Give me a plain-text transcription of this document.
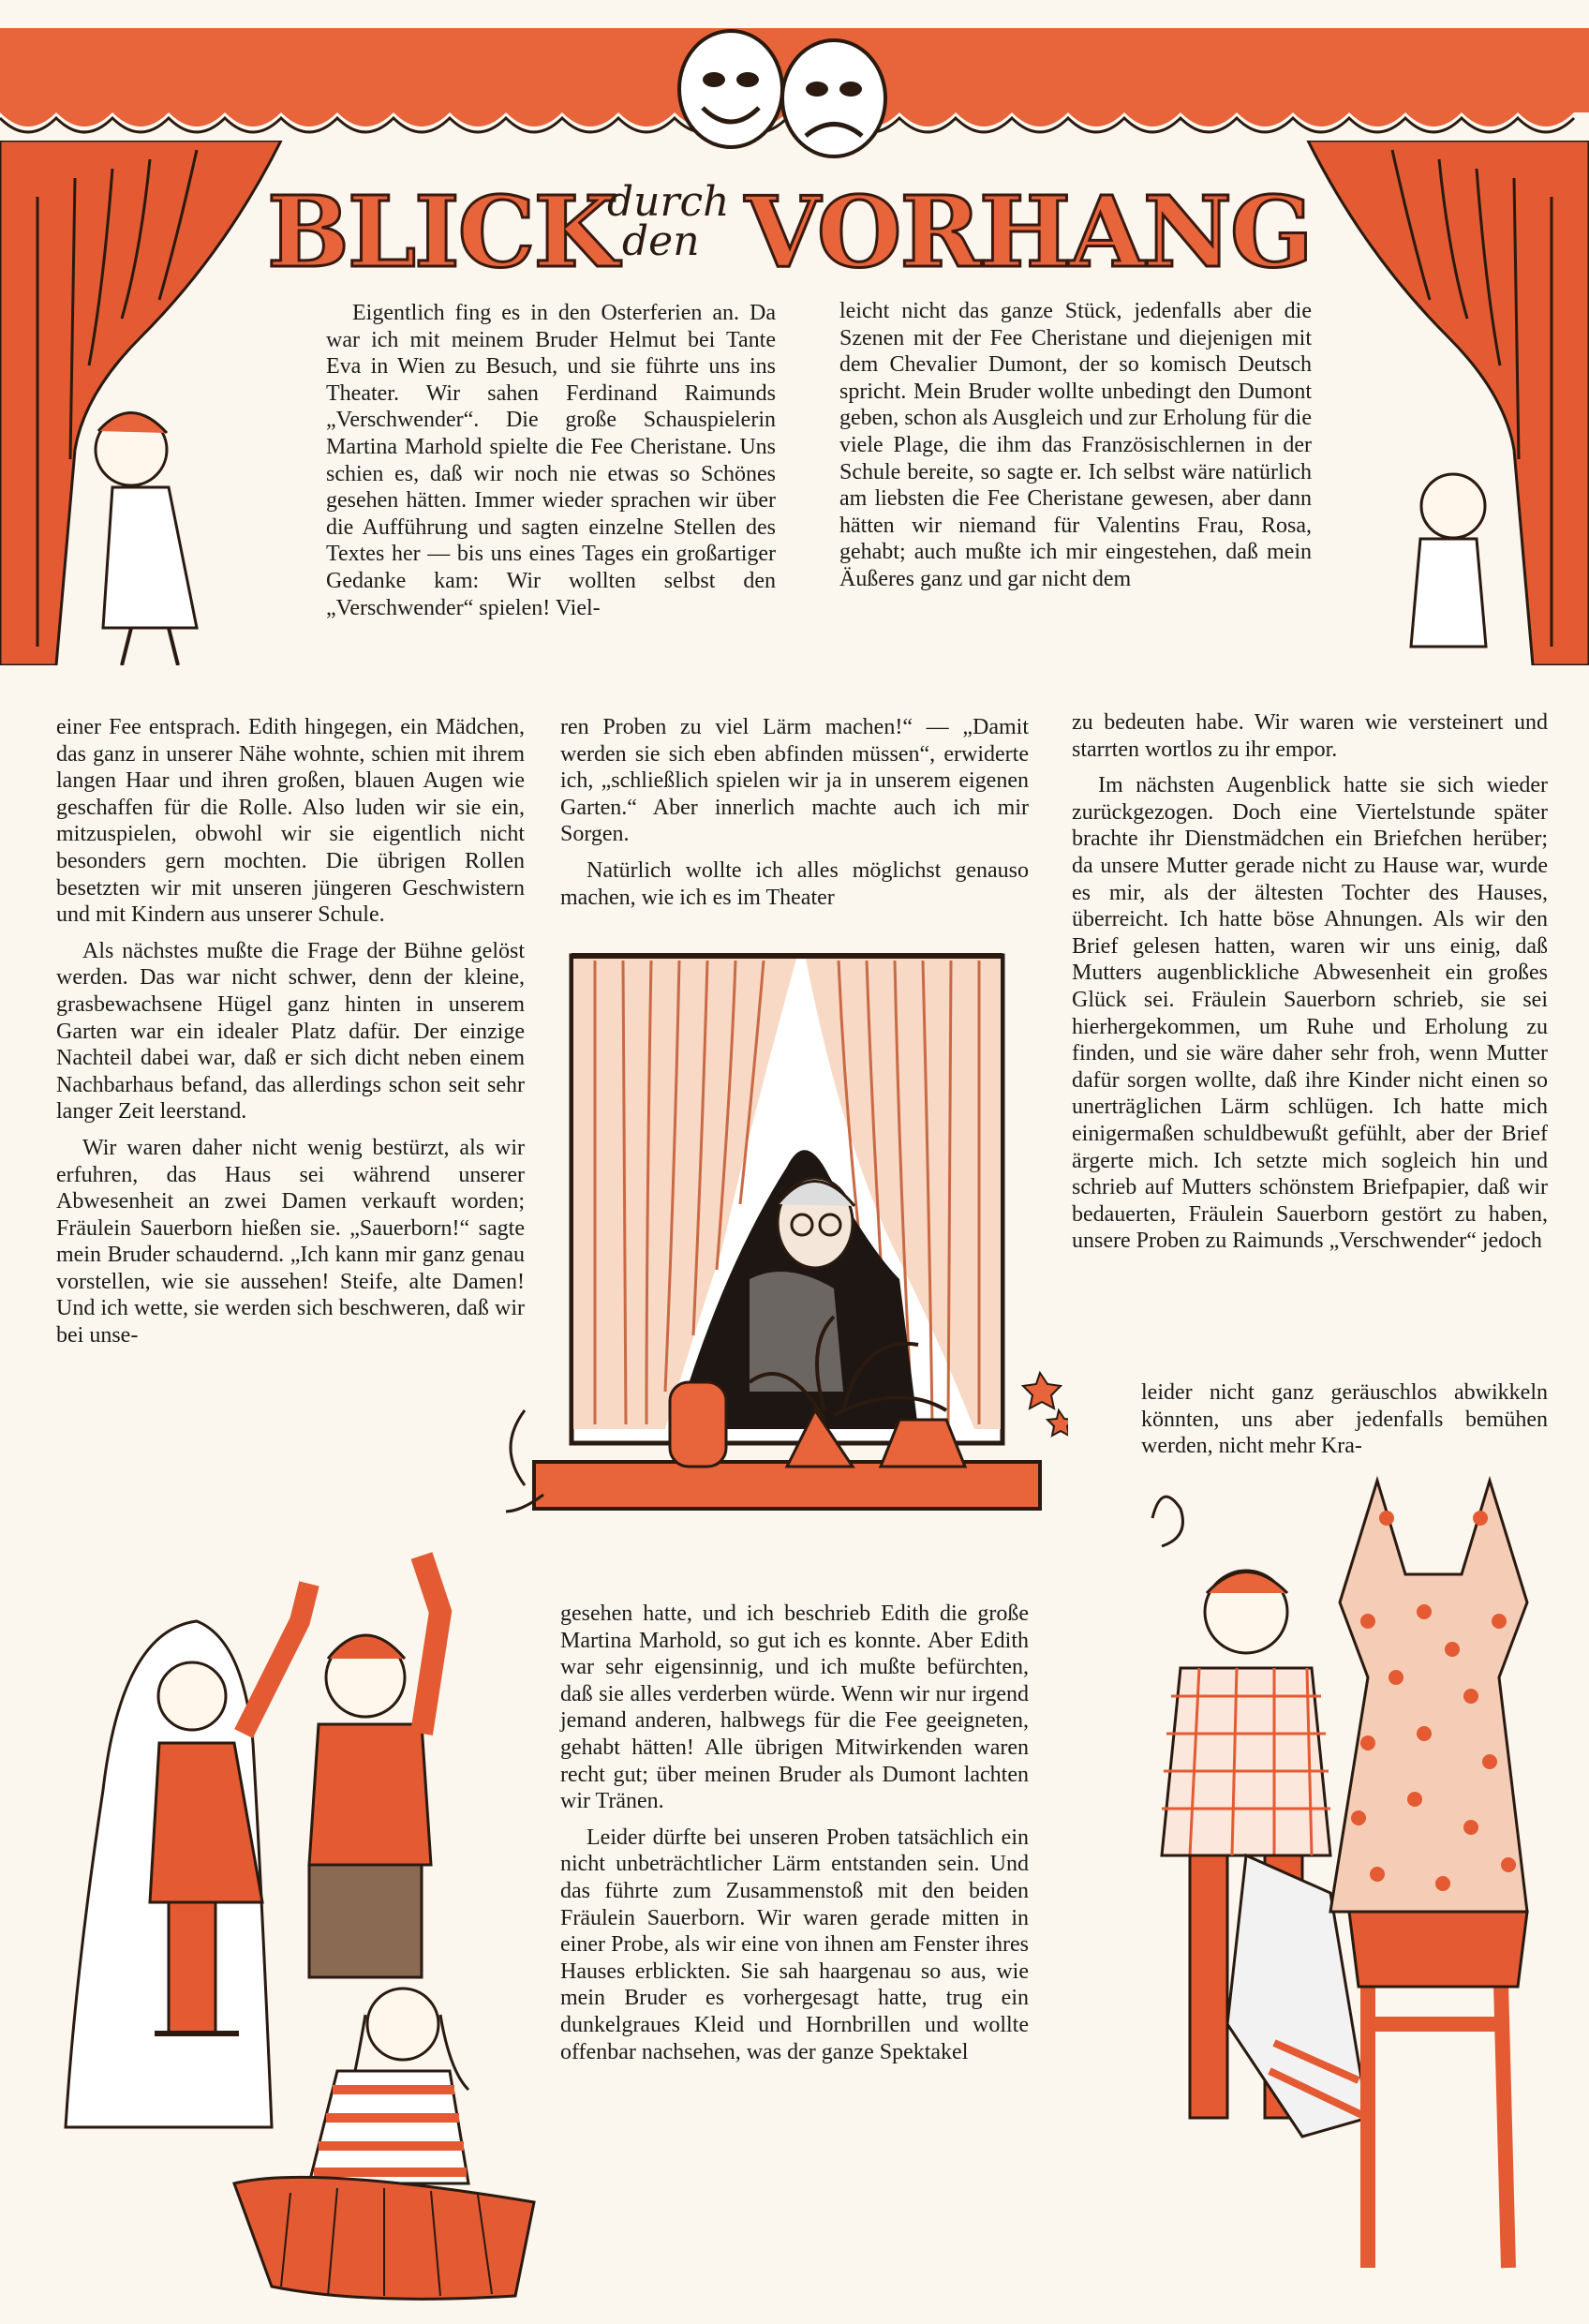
BLICK
durch
den VORHANG

Eigentlich fing es in den Osterferien an. Da war ich mit meinem Bruder Helmut bei Tante Eva in Wien zu Besuch, und sie führte uns ins Theater. Wir sahen Ferdinand Raimunds „Verschwender“. Die große Schauspielerin Martina Marhold spielte die Fee Cheristane. Uns schien es, daß wir noch nie etwas so Schönes gesehen hätten. Immer wieder sprachen wir über die Aufführung und sagten einzelne Stellen des Textes her — bis uns eines Tages ein großartiger Gedanke kam: Wir wollten selbst den „Verschwender“ spielen! Viel-

leicht nicht das ganze Stück, jedenfalls aber die Szenen mit der Fee Cheristane und diejenigen mit dem Chevalier Dumont, der so komisch Deutsch spricht. Mein Bruder wollte unbedingt den Dumont geben, schon als Ausgleich und zur Erholung für die viele Plage, die ihm das Französischlernen in der Schule bereite, so sagte er. Ich selbst wäre natürlich am liebsten die Fee Cheristane gewesen, aber dann hätten wir niemand für Valentins Frau, Rosa, gehabt; auch mußte ich mir eingestehen, daß mein Äußeres ganz und gar nicht dem

einer Fee entsprach. Edith hingegen, ein Mädchen, das ganz in unserer Nähe wohnte, schien mit ihrem langen Haar und ihren großen, blauen Augen wie geschaffen für die Rolle. Also luden wir sie ein, mitzuspielen, obwohl wir sie eigentlich nicht besonders gern mochten. Die übrigen Rollen besetzten wir mit unseren jüngeren Geschwistern und mit Kindern aus unserer Schule.

Als nächstes mußte die Frage der Bühne gelöst werden. Das war nicht schwer, denn der kleine, grasbewachsene Hügel ganz hinten in unserem Garten war ein idealer Platz dafür. Der einzige Nachteil dabei war, daß er sich dicht neben einem Nachbarhaus befand, das allerdings schon seit sehr langer Zeit leerstand.

Wir waren daher nicht wenig bestürzt, als wir erfuhren, das Haus sei während unserer Abwesenheit an zwei Damen verkauft worden; Fräulein Sauerborn hießen sie. „Sauerborn!“ sagte mein Bruder schaudernd. „Ich kann mir ganz genau vorstellen, wie sie aussehen! Steife, alte Damen! Und ich wette, sie werden sich beschweren, daß wir bei unse-

ren Proben zu viel Lärm machen!“ — „Damit werden sie sich eben abfinden müssen“, erwiderte ich, „schließlich spielen wir ja in unserem eigenen Garten.“ Aber innerlich machte auch ich mir Sorgen.

Natürlich wollte ich alles möglichst genauso machen, wie ich es im Theater

zu bedeuten habe. Wir waren wie versteinert und starrten wortlos zu ihr empor.

Im nächsten Augenblick hatte sie sich wieder zurückgezogen. Doch eine Viertelstunde später brachte ihr Dienstmädchen ein Briefchen herüber; da unsere Mutter gerade nicht zu Hause war, wurde es mir, als der ältesten Tochter des Hauses, überreicht. Ich hatte böse Ahnungen. Als wir den Brief gelesen hatten, waren wir uns einig, daß Mutters augenblickliche Abwesenheit ein großes Glück sei. Fräulein Sauerborn schrieb, sie sei hierhergekommen, um Ruhe und Erholung zu finden, und sie wäre daher sehr froh, wenn Mutter dafür sorgen wollte, daß ihre Kinder nicht einen so unerträglichen Lärm schlügen. Ich hatte mich einigermaßen schuldbewußt gefühlt, aber der Brief ärgerte mich. Ich setzte mich sogleich hin und schrieb auf Mutters schönstem Briefpapier, daß wir bedauerten, Fräulein Sauerborn gestört zu haben, unsere Proben zu Raimunds „Verschwender“ jedoch

leider nicht ganz geräuschlos abwikkeln könnten, uns aber jedenfalls bemühen werden, nicht mehr Kra-

gesehen hatte, und ich beschrieb Edith die große Martina Marhold, so gut ich es konnte. Aber Edith war sehr eigensinnig, und ich mußte befürchten, daß sie alles verderben würde. Wenn wir nur irgend jemand anderen, halbwegs für die Fee geeigneten, gehabt hätten! Alle übrigen Mitwirkenden waren recht gut; über meinen Bruder als Dumont lachten wir Tränen.

Leider dürfte bei unseren Proben tatsächlich ein nicht unbeträchtlicher Lärm entstanden sein. Und das führte zum Zusammenstoß mit den beiden Fräulein Sauerborn. Wir waren gerade mitten in einer Probe, als wir eine von ihnen am Fenster ihres Hauses erblickten. Sie sah haargenau so aus, wie mein Bruder es vorhergesagt hatte, trug ein dunkelgraues Kleid und Hornbrillen und wollte offenbar nachsehen, was der ganze Spektakel
